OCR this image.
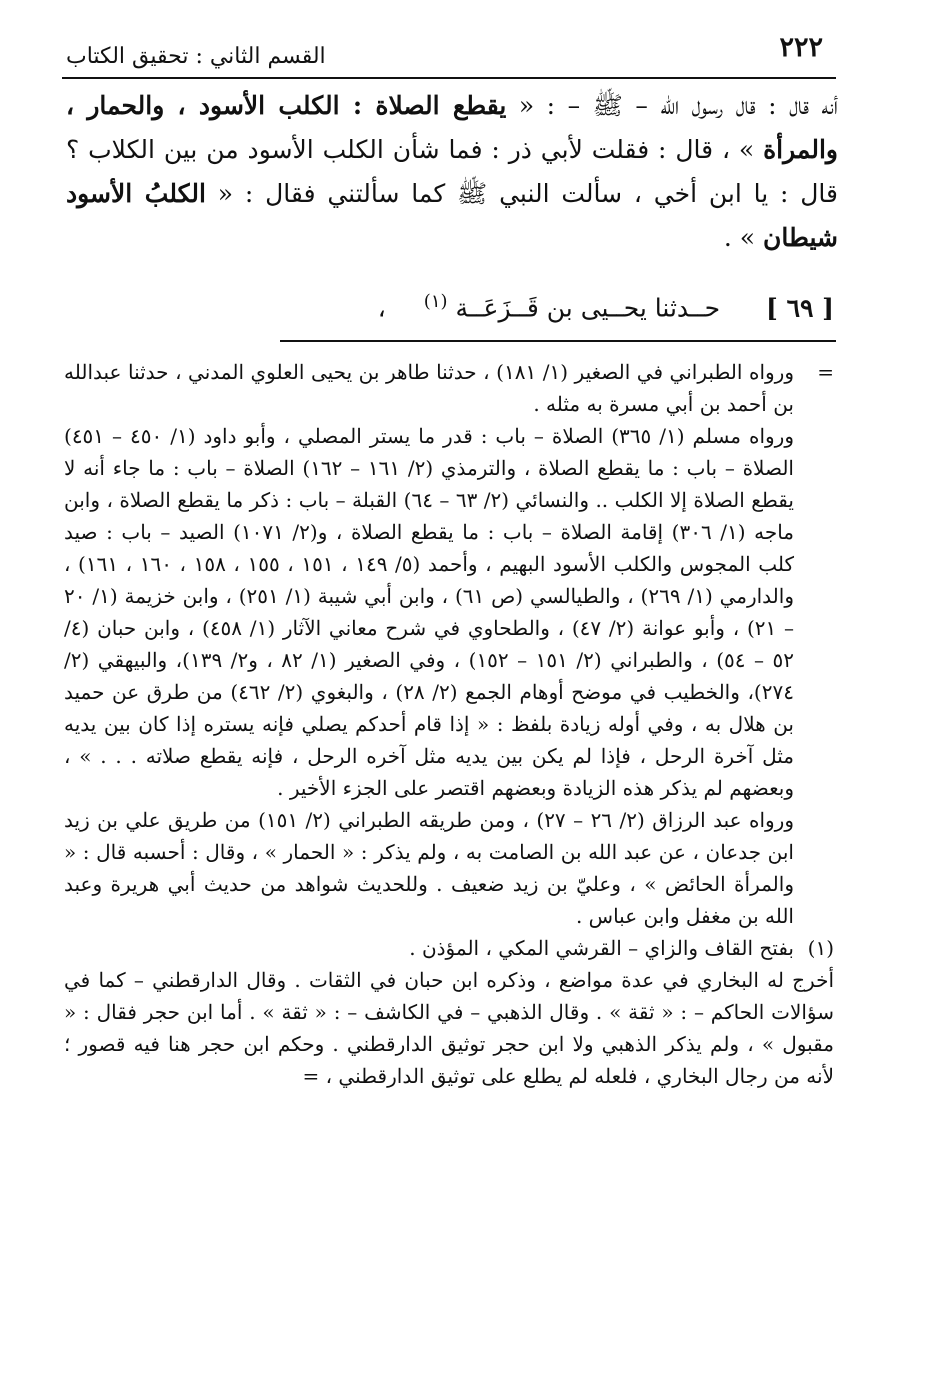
٢٢٢
القسم الثاني : تحقيق الكتاب

أنه قال : قال رسول الله – ﷺ – : « يقطع الصلاة : الكلب الأسود ، والحمار ، والمرأة » ، قال : فقلت لأبي ذر : فما شأن الكلب الأسود من بين الكلاب ؟ قال : يا ابن أخي ، سألت النبي ﷺ كما سألتني فقال : « الكلبُ الأسود شيطان » .

[ ٦٩ ]  حــدثنا يحــيى بن قَــزَعَــة $^{(١)}$ ،

=
ورواه الطبراني في الصغير (١/ ١٨١) ، حدثنا طاهر بن يحيى العلوي المدني ، حدثنا عبدالله بن أحمد بن أبي مسرة به مثله .

ورواه مسلم (١/ ٣٦٥) الصلاة – باب : قدر ما يستر المصلي ، وأبو داود (١/ ٤٥٠ – ٤٥١) الصلاة – باب : ما يقطع الصلاة ، والترمذي (٢/ ١٦١ – ١٦٢) الصلاة – باب : ما جاء أنه لا يقطع الصلاة إلا الكلب .. والنسائي (٢/ ٦٣ – ٦٤) القبلة – باب : ذكر ما يقطع الصلاة ، وابن ماجه (١/ ٣٠٦) إقامة الصلاة – باب : ما يقطع الصلاة ، و(٢/ ١٠٧١) الصيد – باب : صيد كلب المجوس والكلب الأسود البهيم ، وأحمد (٥/ ١٤٩ ، ١٥١ ، ١٥٥ ، ١٥٨ ، ١٦٠ ، ١٦١) ، والدارمي (١/ ٢٦٩) ، والطيالسي (ص ٦١) ، وابن أبي شيبة (١/ ٢٥١) ، وابن خزيمة (١/ ٢٠ – ٢١) ، وأبو عوانة (٢/ ٤٧) ، والطحاوي في شرح معاني الآثار (١/ ٤٥٨) ، وابن حبان (٤/ ٥٢ – ٥٤) ، والطبراني (٢/ ١٥١ – ١٥٢) ، وفي الصغير (١/ ٨٢ ، و٢/ ١٣٩)، والبيهقي (٢/ ٢٧٤)، والخطيب في موضح أوهام الجمع (٢/ ٢٨) ، والبغوي (٢/ ٤٦٢) من طرق عن حميد بن هلال به ، وفي أوله زيادة بلفظ : « إذا قام أحدكم يصلي فإنه يستره إذا كان بين يديه مثل آخرة الرحل ، فإذا لم يكن بين يديه مثل آخره الرحل ، فإنه يقطع صلاته . . . » ، وبعضهم لم يذكر هذه الزيادة وبعضهم اقتصر على الجزء الأخير .

ورواه عبد الرزاق (٢/ ٢٦ – ٢٧) ، ومن طريقه الطبراني (٢/ ١٥١) من طريق علي بن زيد ابن جدعان ، عن عبد الله بن الصامت به ، ولم يذكر : « الحمار » ، وقال : أحسبه قال : « والمرأة الحائض » ، وعليّ بن زيد ضعيف . وللحديث شواهد من حديث أبي هريرة وعبد الله بن مغفل وابن عباس .

(١)
بفتح القاف والزاي – القرشي المكي ، المؤذن .

أخرج له البخاري في عدة مواضع ، وذكره ابن حبان في الثقات . وقال الدارقطني – كما في سؤالات الحاكم – : « ثقة » . وقال الذهبي – في الكاشف – : « ثقة » . أما ابن حجر فقال : « مقبول » ، ولم يذكر الذهبي ولا ابن حجر توثيق الدارقطني . وحكم ابن حجر هنا فيه قصور ؛ لأنه من رجال البخاري ، فلعله لم يطلع على توثيق الدارقطني ، =
